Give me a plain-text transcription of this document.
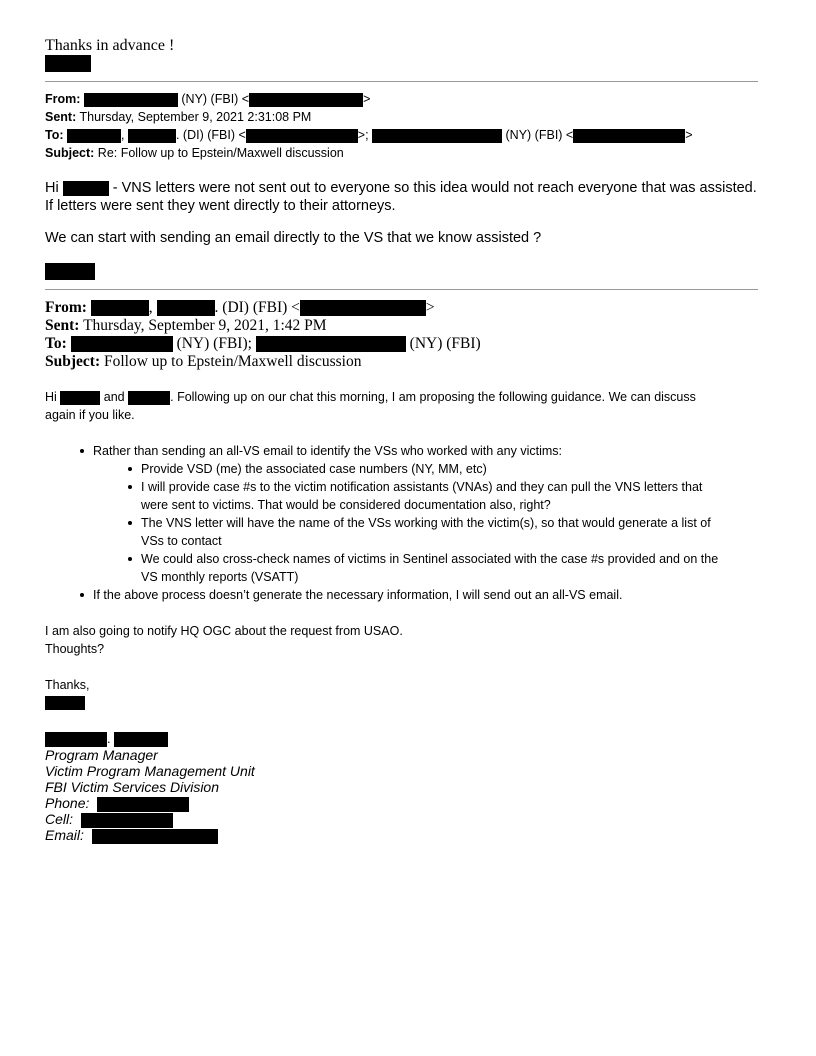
Thanks in advance !
From:	(NY) (FBI) <	>
Sent: Thursday, September 9, 2021 2:31:08 PM
To:	,	. (DI) (FBI) <	>;	(NY) (FBI) <	>
Subject: Re: Follow up to Epstein/Maxwell discussion
Hi	- VNS letters were not sent out to everyone so this idea would not reach everyone that was assisted.
If letters were sent they went directly to their attorneys.
We can start with sending an email directly to the VS that we know assisted ?
From:	,	. (DI) (FBI) <	>
Sent: Thursday, September 9, 2021, 1:42 PM
To:	(NY) (FBI);	(NY) (FBI)
Subject: Follow up to Epstein/Maxwell discussion
Hi	and	. Following up on our chat this morning, I am proposing the following guidance. We can discuss
again if you like.
Rather than sending an all-VS email to identify the VSs who worked with any victims:
Provide VSD (me) the associated case numbers (NY, MM, etc)
I will provide case #s to the victim notification assistants (VNAs) and they can pull the VNS letters that
were sent to victims. That would be considered documentation also, right?
The VNS letter will have the name of the VSs working with the victim(s), so that would generate a list of
VSs to contact
We could also cross-check names of victims in Sentinel associated with the case #s provided and on the
VS monthly reports (VSATT)
If the above process doesn’t generate the necessary information, I will send out an all-VS email.
I am also going to notify HQ OGC about the request from USAO.
Thoughts?
Thanks,
.
Program Manager
Victim Program Management Unit
FBI Victim Services Division
Phone:
Cell:
Email:
